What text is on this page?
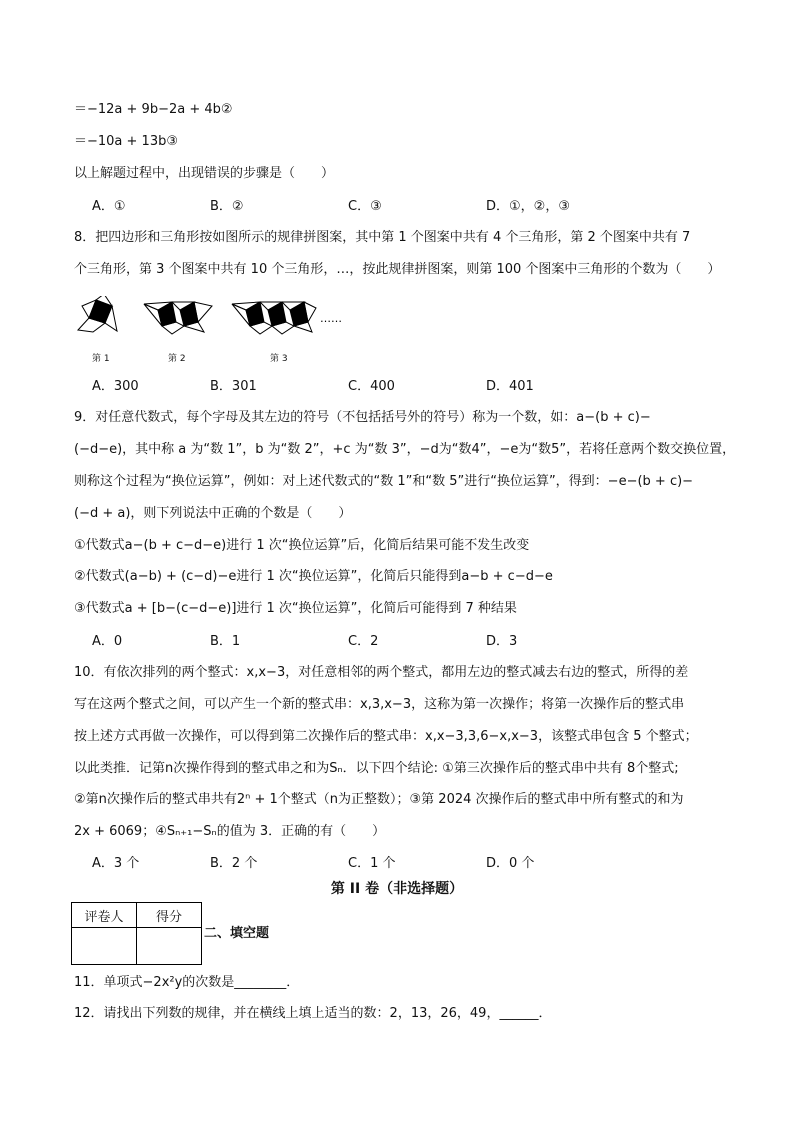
＝−12a + 9b−2a + 4b②
＝−10a + 13b③
以上解题过程中，出现错误的步骤是（　　）
A．①	B．②	C．③	D．①，②，③
8．把四边形和三角形按如图所示的规律拼图案，其中第 1 个图案中共有 4 个三角形，第 2 个图案中共有 7
个三角形，第 3 个图案中共有 10 个三角形，…，按此规律拼图案，则第 100 个图案中三角形的个数为（　　）
……
第 1	第 2	第 3
A．300	B．301	C．400	D．401
9．对任意代数式，每个字母及其左边的符号（不包括括号外的符号）称为一个数，如：a−(b + c)−
(−d−e)，其中称 a 为“数 1”，b 为“数 2”，+c 为“数 3”，−d为“数4”，−e为“数5”，若将任意两个数交换位置，
则称这个过程为“换位运算”，例如：对上述代数式的“数 1”和“数 5”进行“换位运算”，得到：−e−(b + c)−
(−d + a)，则下列说法中正确的个数是（　　）
①代数式a−(b + c−d−e)进行 1 次“换位运算”后，化简后结果可能不发生改变
②代数式(a−b) + (c−d)−e进行 1 次“换位运算”，化简后只能得到a−b + c−d−e
③代数式a + [b−(c−d−e)]进行 1 次“换位运算”，化简后可能得到 7 种结果
A．0	B．1	C．2	D．3
10．有依次排列的两个整式：x,x−3，对任意相邻的两个整式，都用左边的整式减去右边的整式，所得的差
写在这两个整式之间，可以产生一个新的整式串：x,3,x−3，这称为第一次操作；将第一次操作后的整式串
按上述方式再做一次操作，可以得到第二次操作后的整式串：x,x−3,3,6−x,x−3，该整式串包含 5 个整式；
以此类推．记第n次操作得到的整式串之和为Sₙ．以下四个结论: ①第三次操作后的整式串中共有 8个整式;
②第n次操作后的整式串共有2ⁿ + 1个整式（n为正整数）；③第 2024 次操作后的整式串中所有整式的和为
2x + 6069；④Sₙ₊₁−Sₙ的值为 3．正确的有（　　）
A．3 个	B．2 个	C．1 个	D．0 个
第 II 卷（非选择题）
评卷人	得分

二、填空题
11．单项式−2x²y的次数是________．
12．请找出下列数的规律，并在横线上填上适当的数：2，13，26，49，______．
